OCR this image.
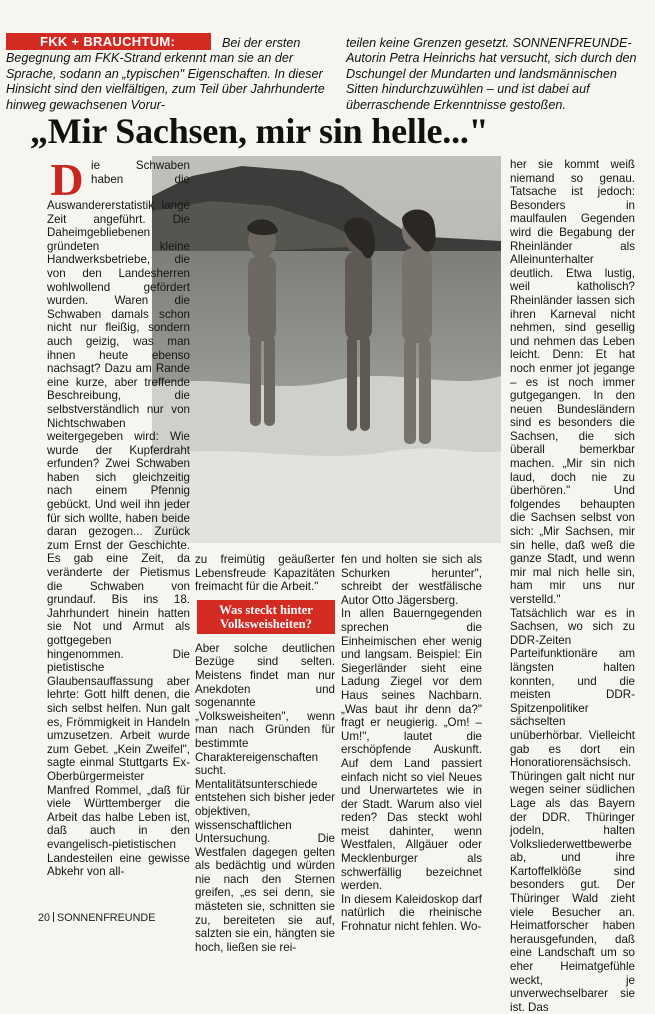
FKK + BRAUCHTUM:	Bei der ersten Begegnung am FKK-Strand erkennt man sie an der Sprache, sodann an „typischen" Eigenschaften. In dieser Hinsicht sind den vielfältigen, zum Teil über Jahrhunderte hinweg gewachsenen Vorur-
teilen keine Grenzen gesetzt. SONNENFREUNDE-Autorin Petra Heinrichs hat versucht, sich durch den Dschungel der Mundarten und landsmännischen Sitten hindurchzuwühlen – und ist dabei auf überraschende Erkenntnisse gestoßen.
„Mir Sachsen, mir sin helle..."
D ie Schwaben haben die Auswandererstatistik lange Zeit angeführt. Die Daheimgebliebenen gründeten kleine Handwerksbetriebe, die von den Landesherren wohlwollend gefördert wurden. Waren die Schwaben damals schon nicht nur fleißig, sondern auch geizig, was man ihnen heute ebenso nachsagt? Dazu am Rande eine kurze, aber treffende Beschreibung, die selbstverständlich nur von Nichtschwaben weitergegeben wird: Wie wurde der Kupferdraht erfunden? Zwei Schwaben haben sich gleichzeitig nach einem Pfennig gebückt. Und weil ihn jeder für sich wollte, haben beide daran gezogen... Zurück zum Ernst der Geschichte. Es gab eine Zeit, da veränderte der Pietismus die Schwaben von grundauf. Bis ins 18. Jahrhundert hinein hatten sie Not und Armut als gottgegeben hingenommen. Die pietistische Glaubensauffassung aber lehrte: Gott hilft denen, die sich selbst helfen. Nun galt es, Frömmigkeit in Handeln umzusetzen. Arbeit wurde zum Gebet. „Kein Zweifel", sagte einmal Stuttgarts Ex-Oberbürgermeister Manfred Rommel, „daß für viele Württemberger die Arbeit das halbe Leben ist, daß auch in den evangelisch-pietistischen Landesteilen eine gewisse Abkehr von all-

zu freimütig geäußerter Lebensfreude Kapazitäten freimacht für die Arbeit."

Was steckt hinter Volksweisheiten?

Aber solche deutlichen Bezüge sind selten. Meistens findet man nur Anekdoten und sogenannte „Volksweisheiten", wenn man nach Gründen für bestimmte Charaktereigenschaften sucht. Mentalitätsunterschiede entstehen sich bisher jeder objektiven, wissenschaftlichen Untersuchung. Die Westfalen dagegen gelten als bedächtig und würden nie nach den Sternen greifen, „es sei denn, sie mästeten sie, schnitten sie zu, bereiteten sie auf, salzten sie ein, hängten sie hoch, ließen sie rei-

fen und holten sie sich als Schurken herunter", schreibt der westfälische Autor Otto Jägersberg.

In allen Bauerngegenden sprechen die Einheimischen eher wenig und langsam. Beispiel: Ein Siegerländer sieht eine Ladung Ziegel vor dem Haus seines Nachbarn. „Was baut ihr denn da?" fragt er neugierig. „Om! –Um!", lautet die erschöpfende Auskunft. Auf dem Land passiert einfach nicht so viel Neues und Unerwartetes wie in der Stadt. Warum also viel reden? Das steckt wohl meist dahinter, wenn Westfalen, Allgäuer oder Mecklenburger als schwerfällig bezeichnet werden.

In diesem Kaleidoskop darf natürlich die rheinische Frohnatur nicht fehlen. Wo-

her sie kommt weiß niemand so genau. Tatsache ist jedoch: Besonders in maulfaulen Gegenden wird die Begabung der Rheinländer als Alleinunterhalter deutlich. Etwa lustig, weil katholisch? Rheinländer lassen sich ihren Karneval nicht nehmen, sind gesellig und nehmen das Leben leicht. Denn: Et hat noch enmer jot jegange – es ist noch immer gutgegangen. In den neuen Bundesländern sind es besonders die Sachsen, die sich überall bemerkbar machen. „Mir sin nich laud, doch nie zu überhören." Und folgendes behaupten die Sachsen selbst von sich: „Mir Sachsen, mir sin helle, daß weß die ganze Stadt, und wenn mir mal nich helle sin, ham mir uns nur verstelld."

Tatsächlich war es in Sachsen, wo sich zu DDR-Zeiten Parteifunktionäre am längsten halten konnten, und die meisten DDR-Spitzenpolitiker sächselten unüberhörbar. Vielleicht gab es dort ein Honoratiorensächsisch. Thüringen galt nicht nur wegen seiner südlichen Lage als das Bayern der DDR. Thüringer jodeln, halten Volksliederwettbewerbe ab, und ihre Kartoffelklöße sind besonders gut. Der Thüringer Wald zieht viele Besucher an. Heimatforscher haben herausgefunden, daß eine Landschaft um so eher Heimatgefühle weckt, je unverwechselbarer sie ist. Das

20 SONNENFREUNDE
